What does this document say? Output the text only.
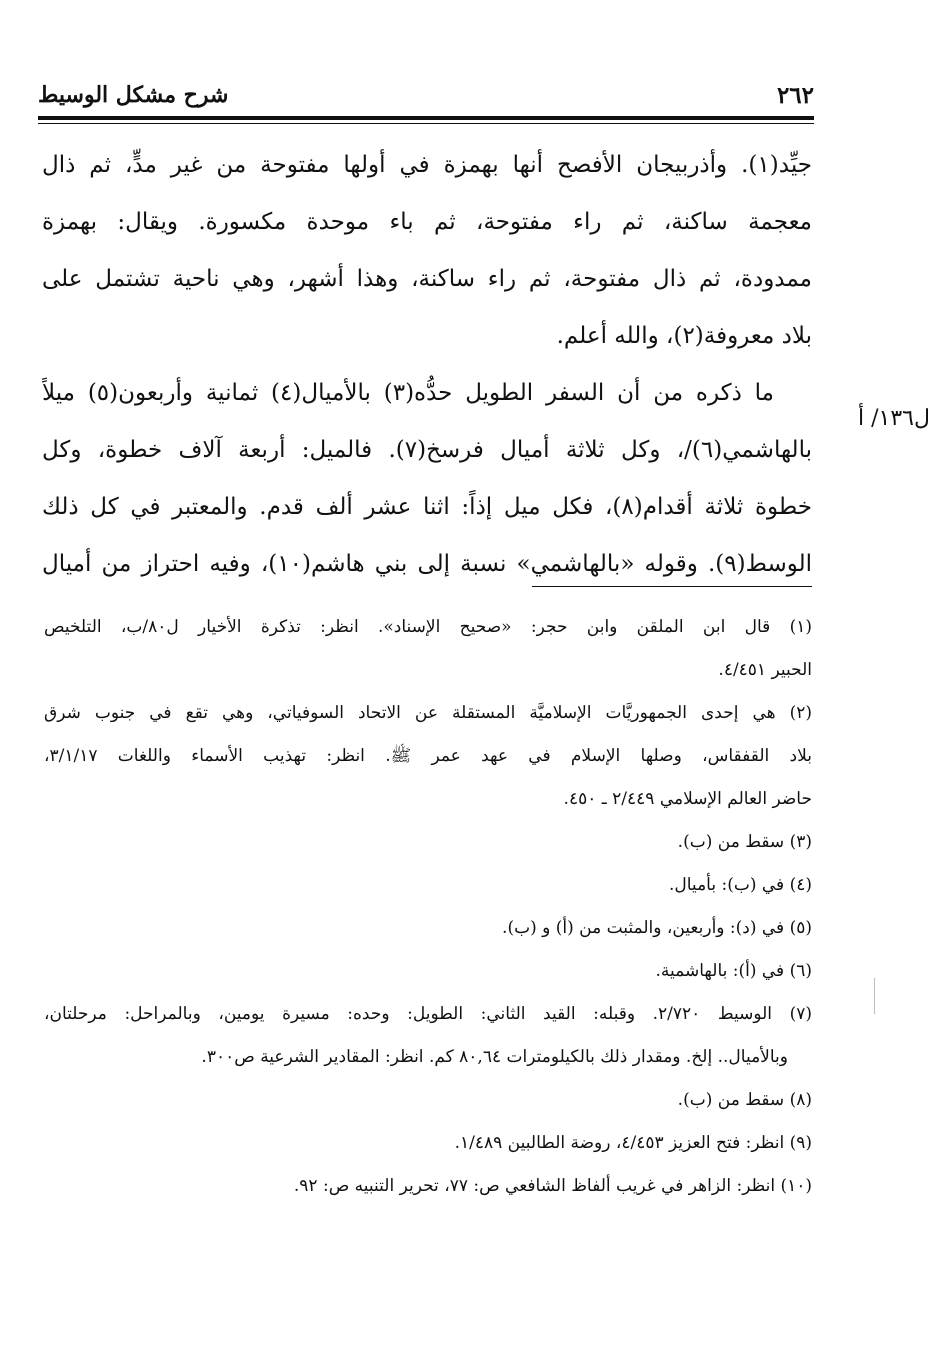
٢٦٢
شرح مشكل الوسيط
جيِّد(١). وأذربيجان الأفصح أنها بهمزة في أولها مفتوحة من غير مدٍّ، ثم ذال
معجمة ساكنة، ثم راء مفتوحة، ثم باء موحدة مكسورة. ويقال: بهمزة
ممدودة، ثم ذال مفتوحة، ثم راء ساكنة، وهذا أشهر، وهي ناحية تشتمل على
بلاد معروفة(٢)، والله أعلم.
ما ذكره من أن السفر الطويل حدُّه(٣) بالأميال(٤) ثمانية وأربعون(٥) ميلاً
بالهاشمي(٦)/، وكل ثلاثة أميال فرسخ(٧). فالميل: أربعة آلاف خطوة، وكل
خطوة ثلاثة أقدام(٨)، فكل ميل إذاً: اثنا عشر ألف قدم. والمعتبر في كل ذلك
الوسط(٩). وقوله «بالهاشمي» نسبة إلى بني هاشم(١٠)، وفيه احتراز من أميال
ل١٣٦/ أ
(١) قال ابن الملقن وابن حجر: «صحيح الإسناد». انظر: تذكرة الأخيار ل٨٠/ب، التلخيص
الحبير ٤/٤٥١.
(٢) هي إحدى الجمهوريَّات الإسلاميَّة المستقلة عن الاتحاد السوفياتي، وهي تقع في جنوب شرق
بلاد القفقاس، وصلها الإسلام في عهد عمر ﷺ. انظر: تهذيب الأسماء واللغات ٣/١/١٧،
حاضر العالم الإسلامي ٢/٤٤٩ ـ ٤٥٠.
(٣) سقط من (ب).
(٤) في (ب): بأميال.
(٥) في (د): وأربعين، والمثبت من (أ) و (ب).
(٦) في (أ): بالهاشمية.
(٧) الوسيط ٢/٧٢٠. وقبله: القيد الثاني: الطويل: وحده: مسيرة يومين، وبالمراحل: مرحلتان،
وبالأميال.. إلخ. ومقدار ذلك بالكيلومترات ٨٠,٦٤ كم. انظر: المقادير الشرعية ص٣٠٠.
(٨) سقط من (ب).
(٩) انظر: فتح العزيز ٤/٤٥٣، روضة الطالبين ١/٤٨٩.
(١٠) انظر: الزاهر في غريب ألفاظ الشافعي ص: ٧٧، تحرير التنبيه ص: ٩٢.
